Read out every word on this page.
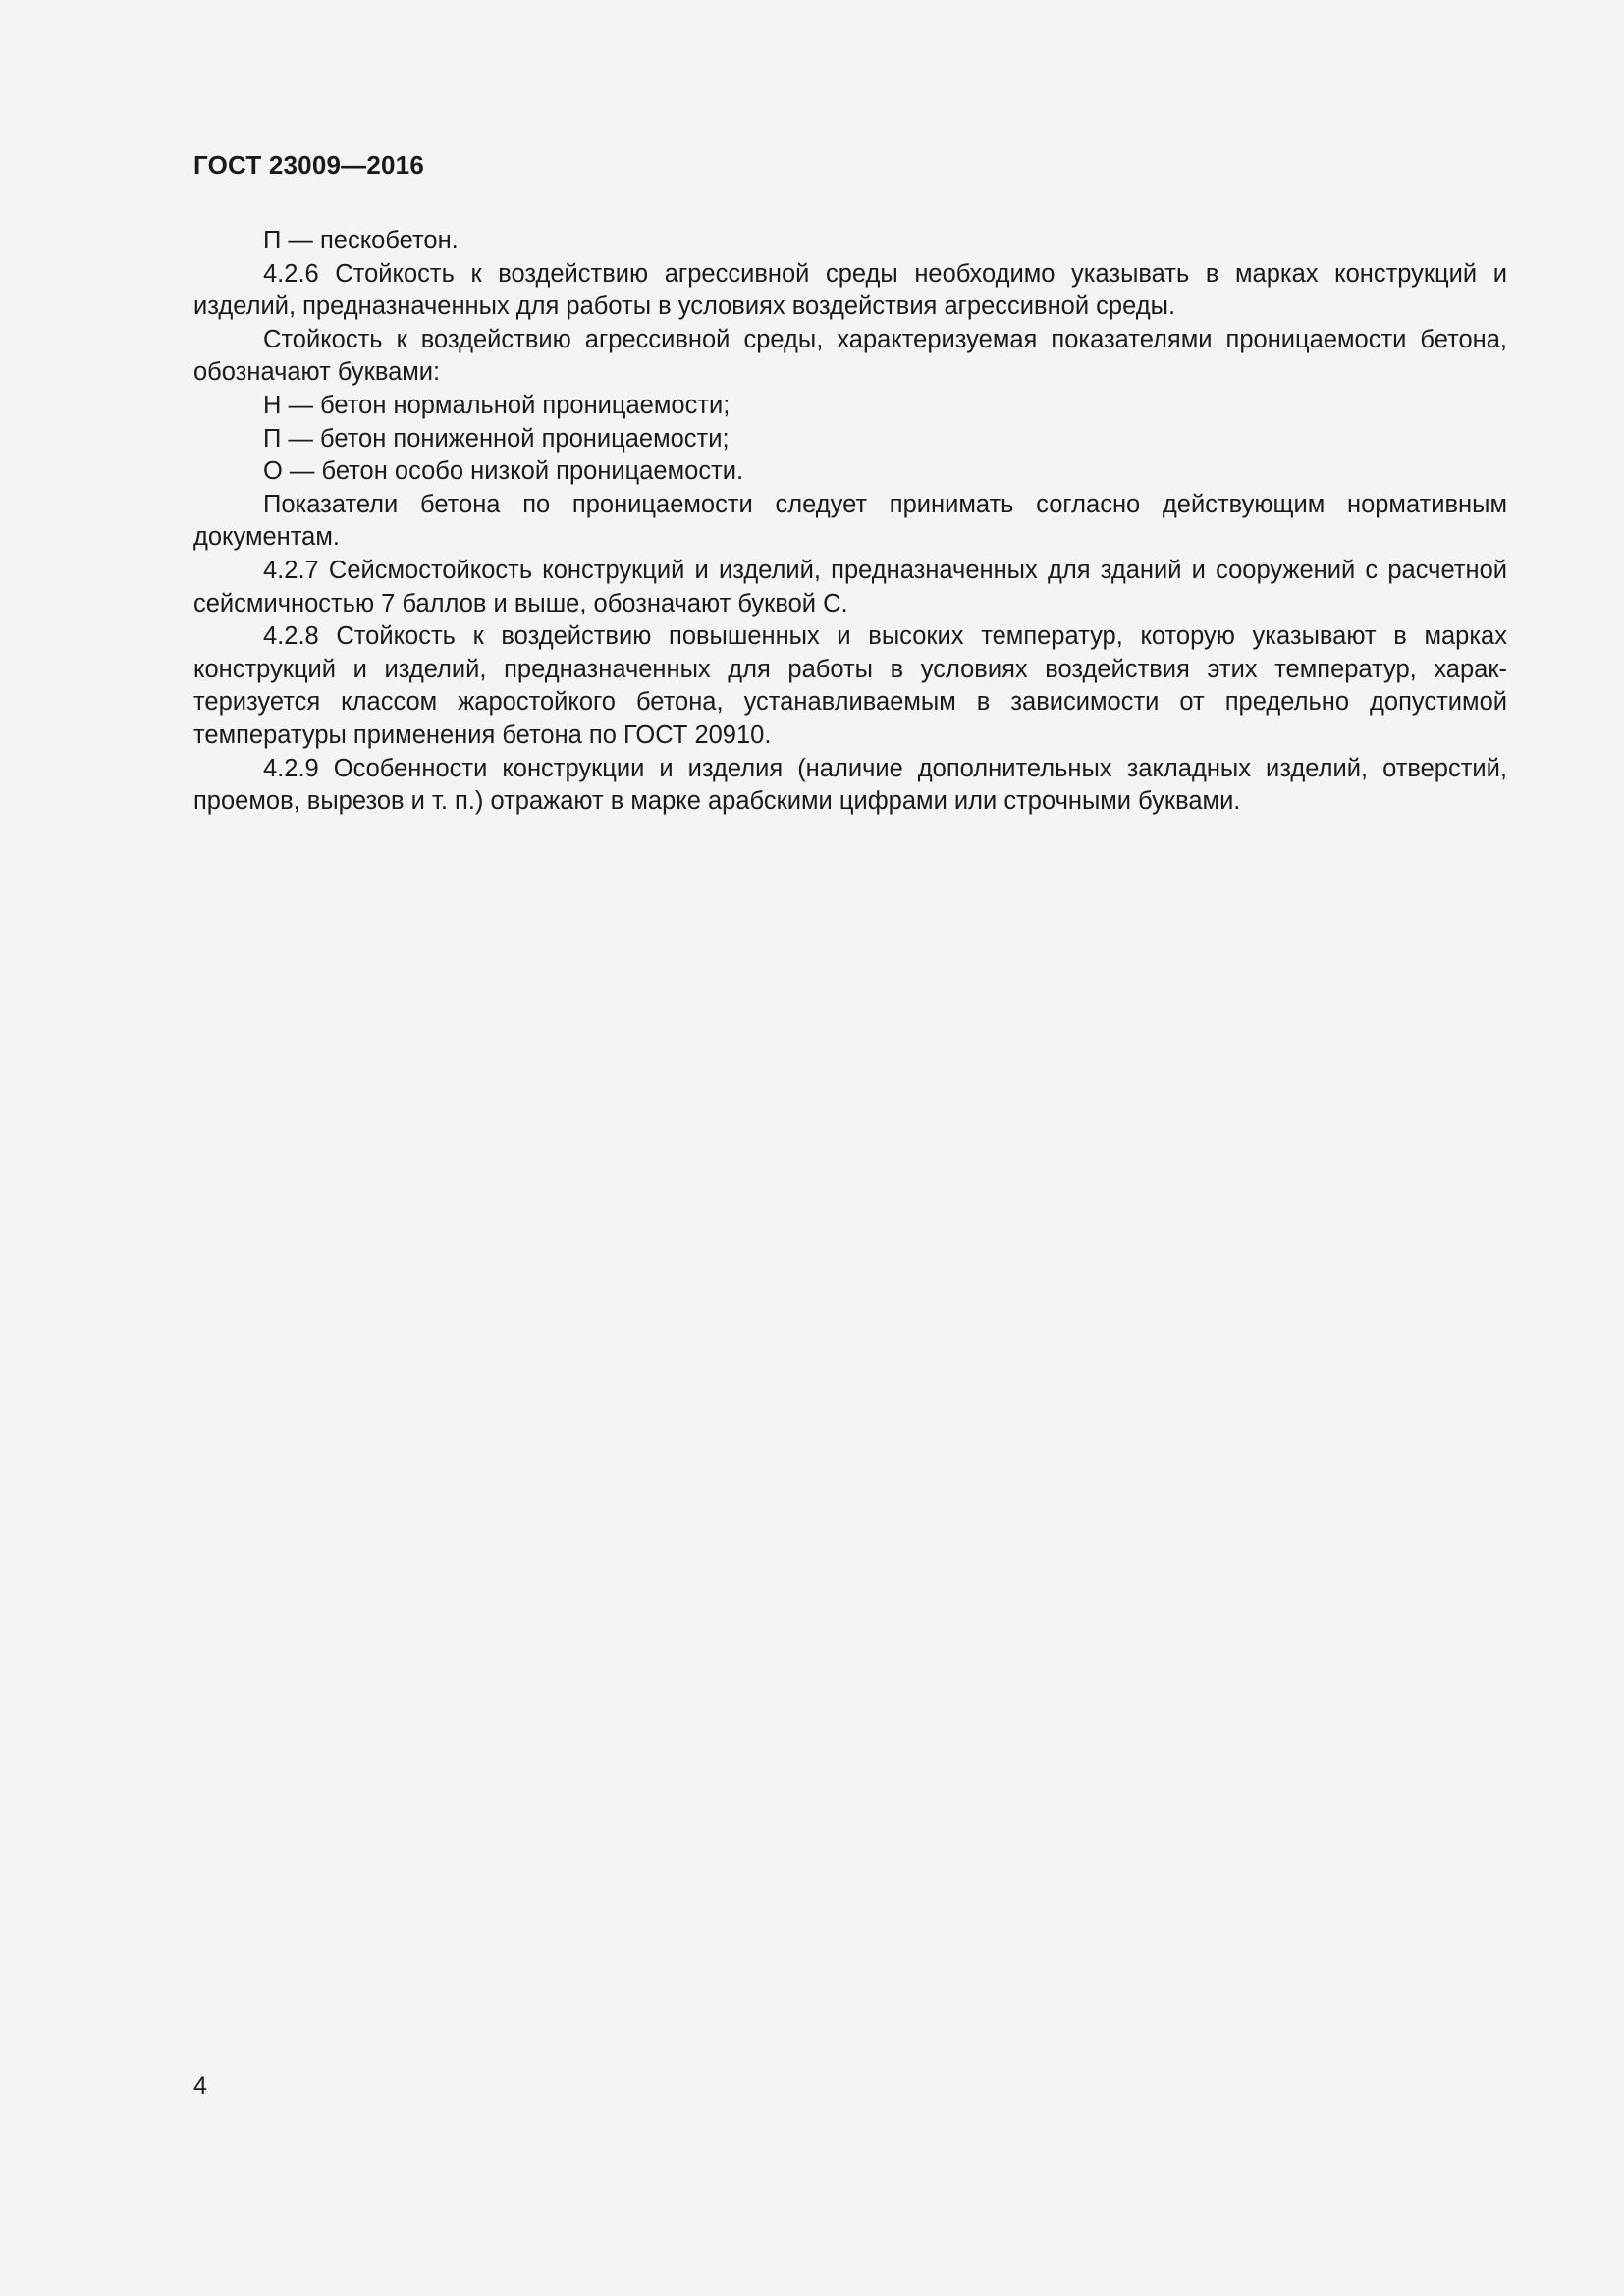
ГОСТ 23009—2016

П — пескобетон.

4.2.6 Стойкость к воздействию агрессивной среды необходимо указывать в марках конструкций и изделий, предназначенных для работы в условиях воздействия агрессивной среды.

Стойкость к воздействию агрессивной среды, характеризуемая показателями проницаемости бетона, обозначают буквами:

Н — бетон нормальной проницаемости;

П — бетон пониженной проницаемости;

О — бетон особо низкой проницаемости.

Показатели бетона по проницаемости следует принимать согласно действующим нормативным документам.

4.2.7 Сейсмостойкость конструкций и изделий, предназначенных для зданий и сооружений с расчетной сейсмичностью 7 баллов и выше, обозначают буквой С.

4.2.8 Стойкость к воздействию повышенных и высоких температур, которую указывают в марках конструкций и изделий, предназначенных для работы в условиях воздействия этих температур, характеризуется классом жаростойкого бетона, устанавливаемым в зависимости от предельно допустимой температуры применения бетона по ГОСТ 20910.

4.2.9 Особенности конструкции и изделия (наличие дополнительных закладных изделий, отверстий, проемов, вырезов и т. п.) отражают в марке арабскими цифрами или строчными буквами.

4
